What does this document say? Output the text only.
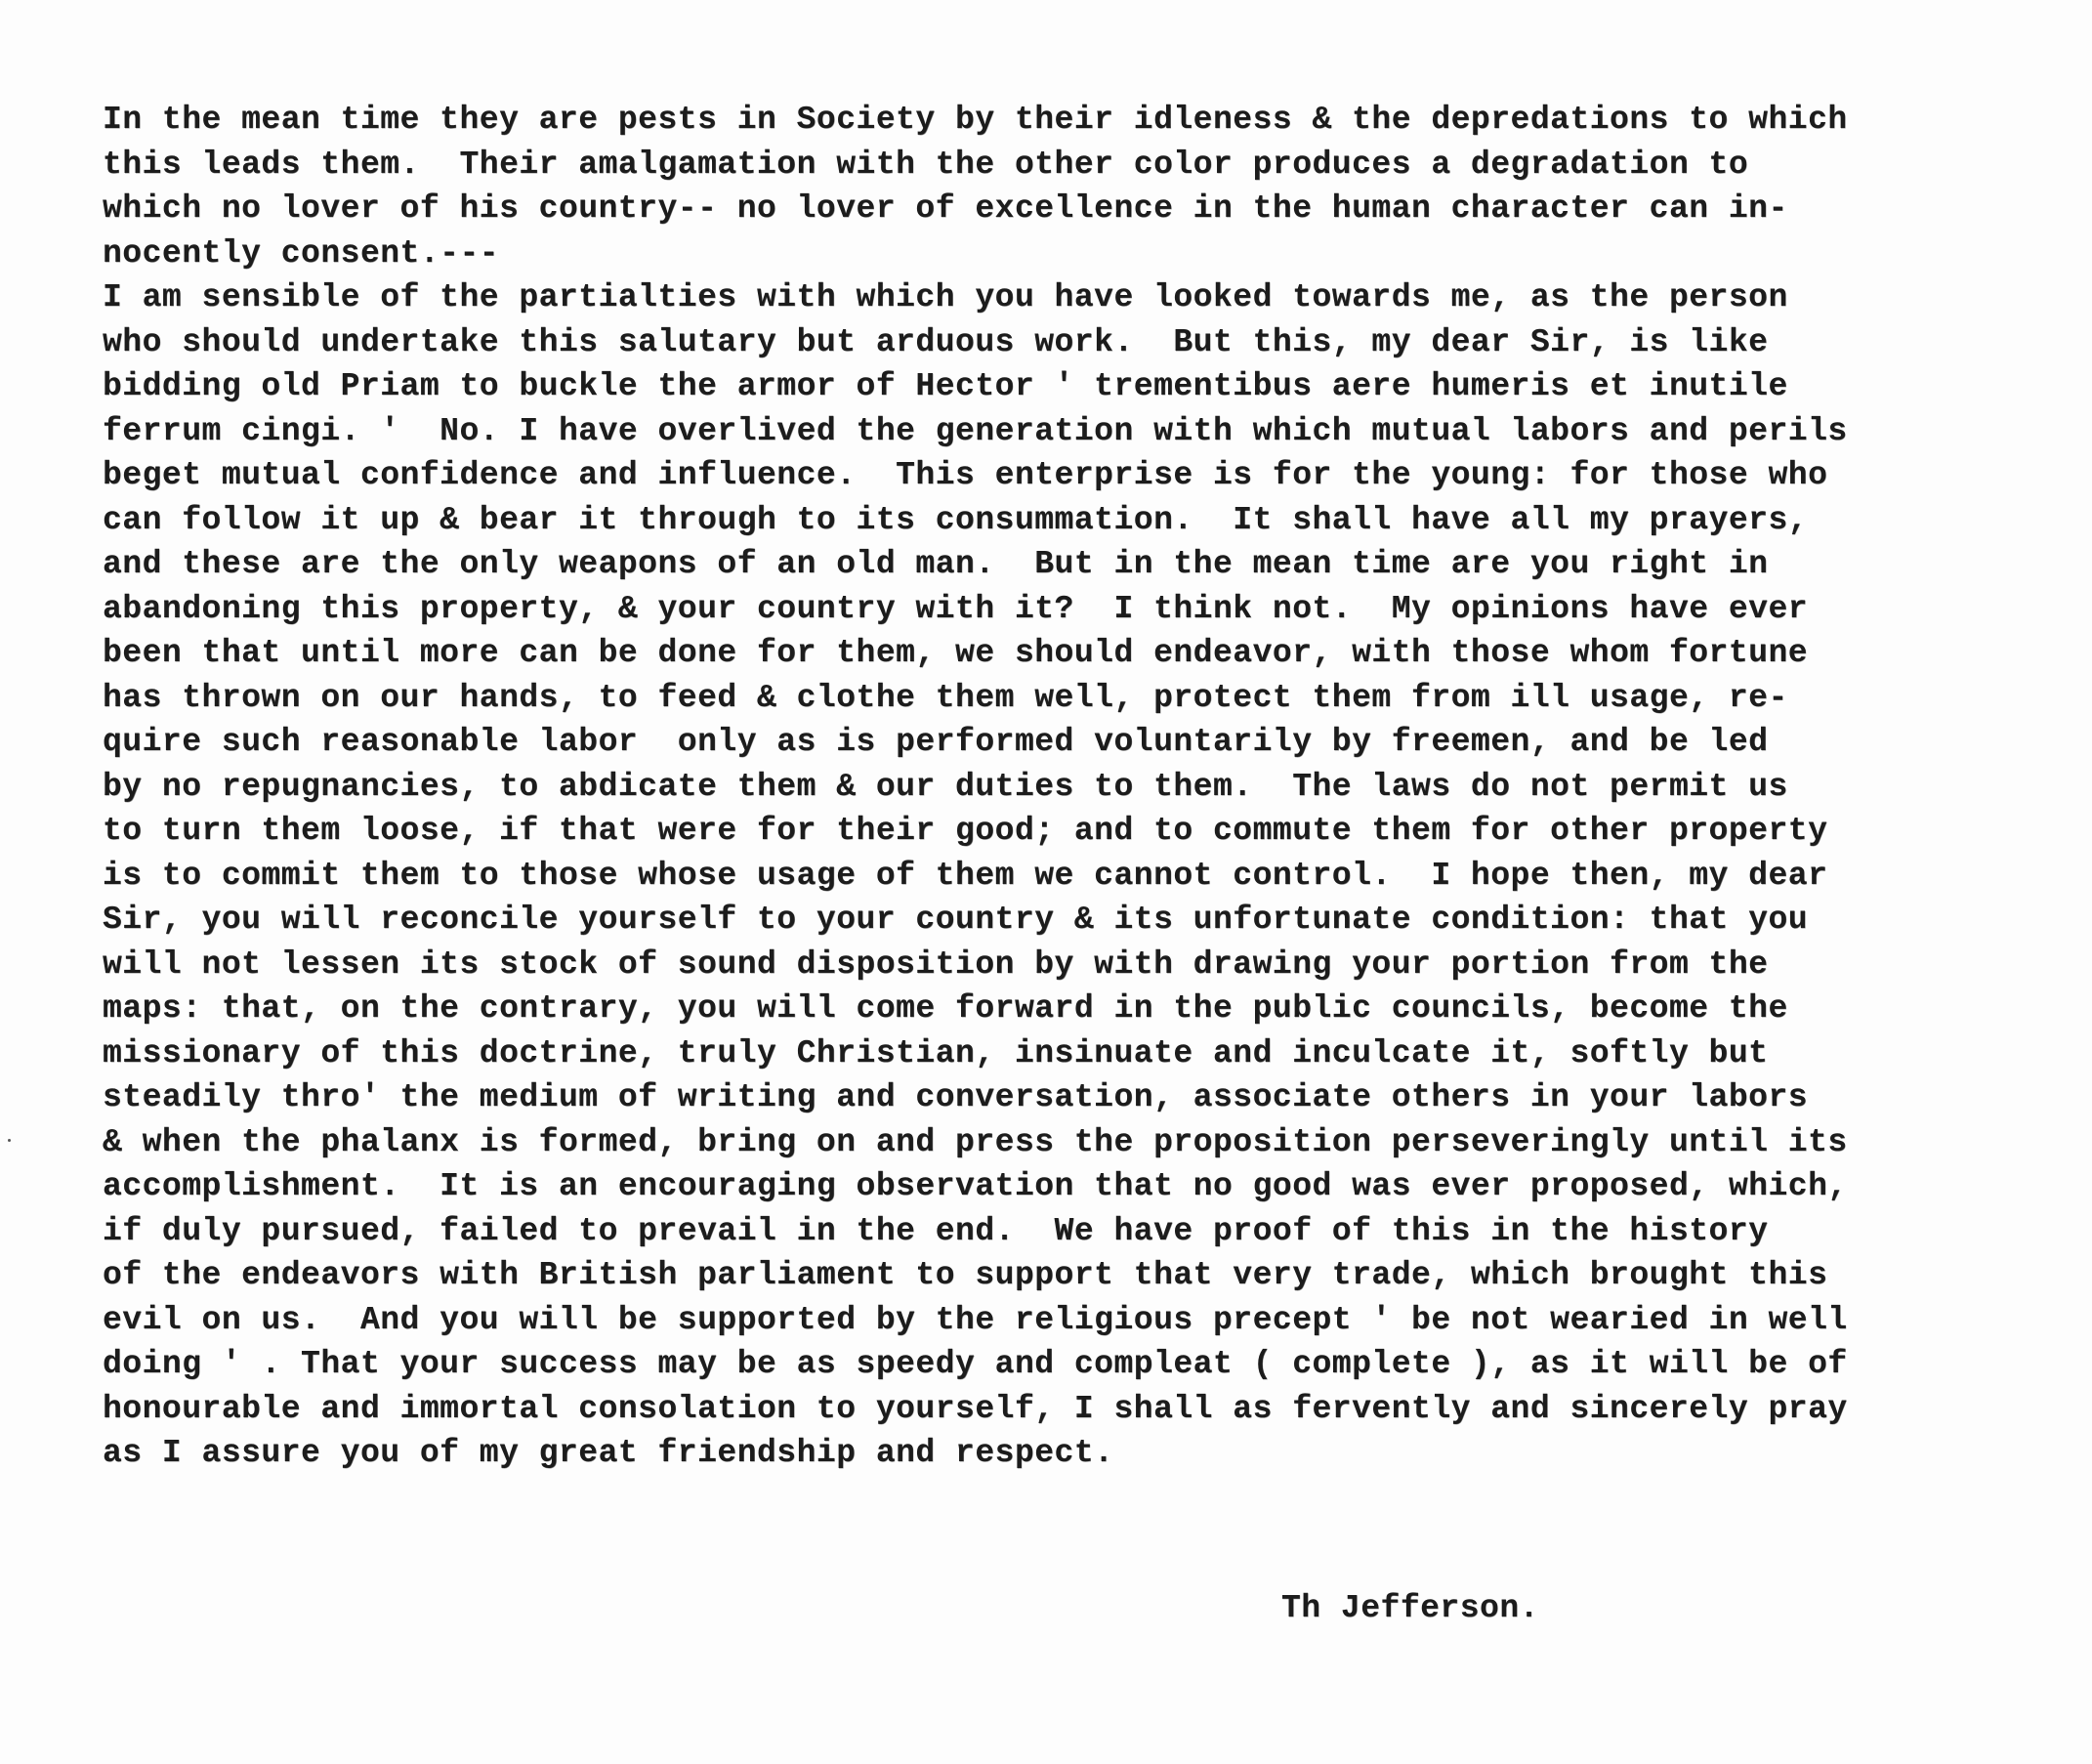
In the mean time they are pests in Society by their idleness & the depredations to which
this leads them.  Their amalgamation with the other color produces a degradation to
which no lover of his country-- no lover of excellence in the human character can in-
nocently consent.---
I am sensible of the partialties with which you have looked towards me, as the person
who should undertake this salutary but arduous work.  But this, my dear Sir, is like
bidding old Priam to buckle the armor of Hector ' trementibus aere humeris et inutile
ferrum cingi. '  No. I have overlived the generation with which mutual labors and perils
beget mutual confidence and influence.  This enterprise is for the young: for those who
can follow it up & bear it through to its consummation.  It shall have all my prayers,
and these are the only weapons of an old man.  But in the mean time are you right in
abandoning this property, & your country with it?  I think not.  My opinions have ever
been that until more can be done for them, we should endeavor, with those whom fortune
has thrown on our hands, to feed & clothe them well, protect them from ill usage, re-
quire such reasonable labor  only as is performed voluntarily by freemen, and be led
by no repugnancies, to abdicate them & our duties to them.  The laws do not permit us
to turn them loose, if that were for their good; and to commute them for other property
is to commit them to those whose usage of them we cannot control.  I hope then, my dear
Sir, you will reconcile yourself to your country & its unfortunate condition: that you
will not lessen its stock of sound disposition by with drawing your portion from the
maps: that, on the contrary, you will come forward in the public councils, become the
missionary of this doctrine, truly Christian, insinuate and inculcate it, softly but
steadily thro' the medium of writing and conversation, associate others in your labors
& when the phalanx is formed, bring on and press the proposition perseveringly until its
accomplishment.  It is an encouraging observation that no good was ever proposed, which,
if duly pursued, failed to prevail in the end.  We have proof of this in the history
of the endeavors with British parliament to support that very trade, which brought this
evil on us.  And you will be supported by the religious precept ' be not wearied in well
doing ' . That your success may be as speedy and compleat ( complete ), as it will be of
honourable and immortal consolation to yourself, I shall as fervently and sincerely pray
as I assure you of my great friendship and respect.
Th Jefferson.
